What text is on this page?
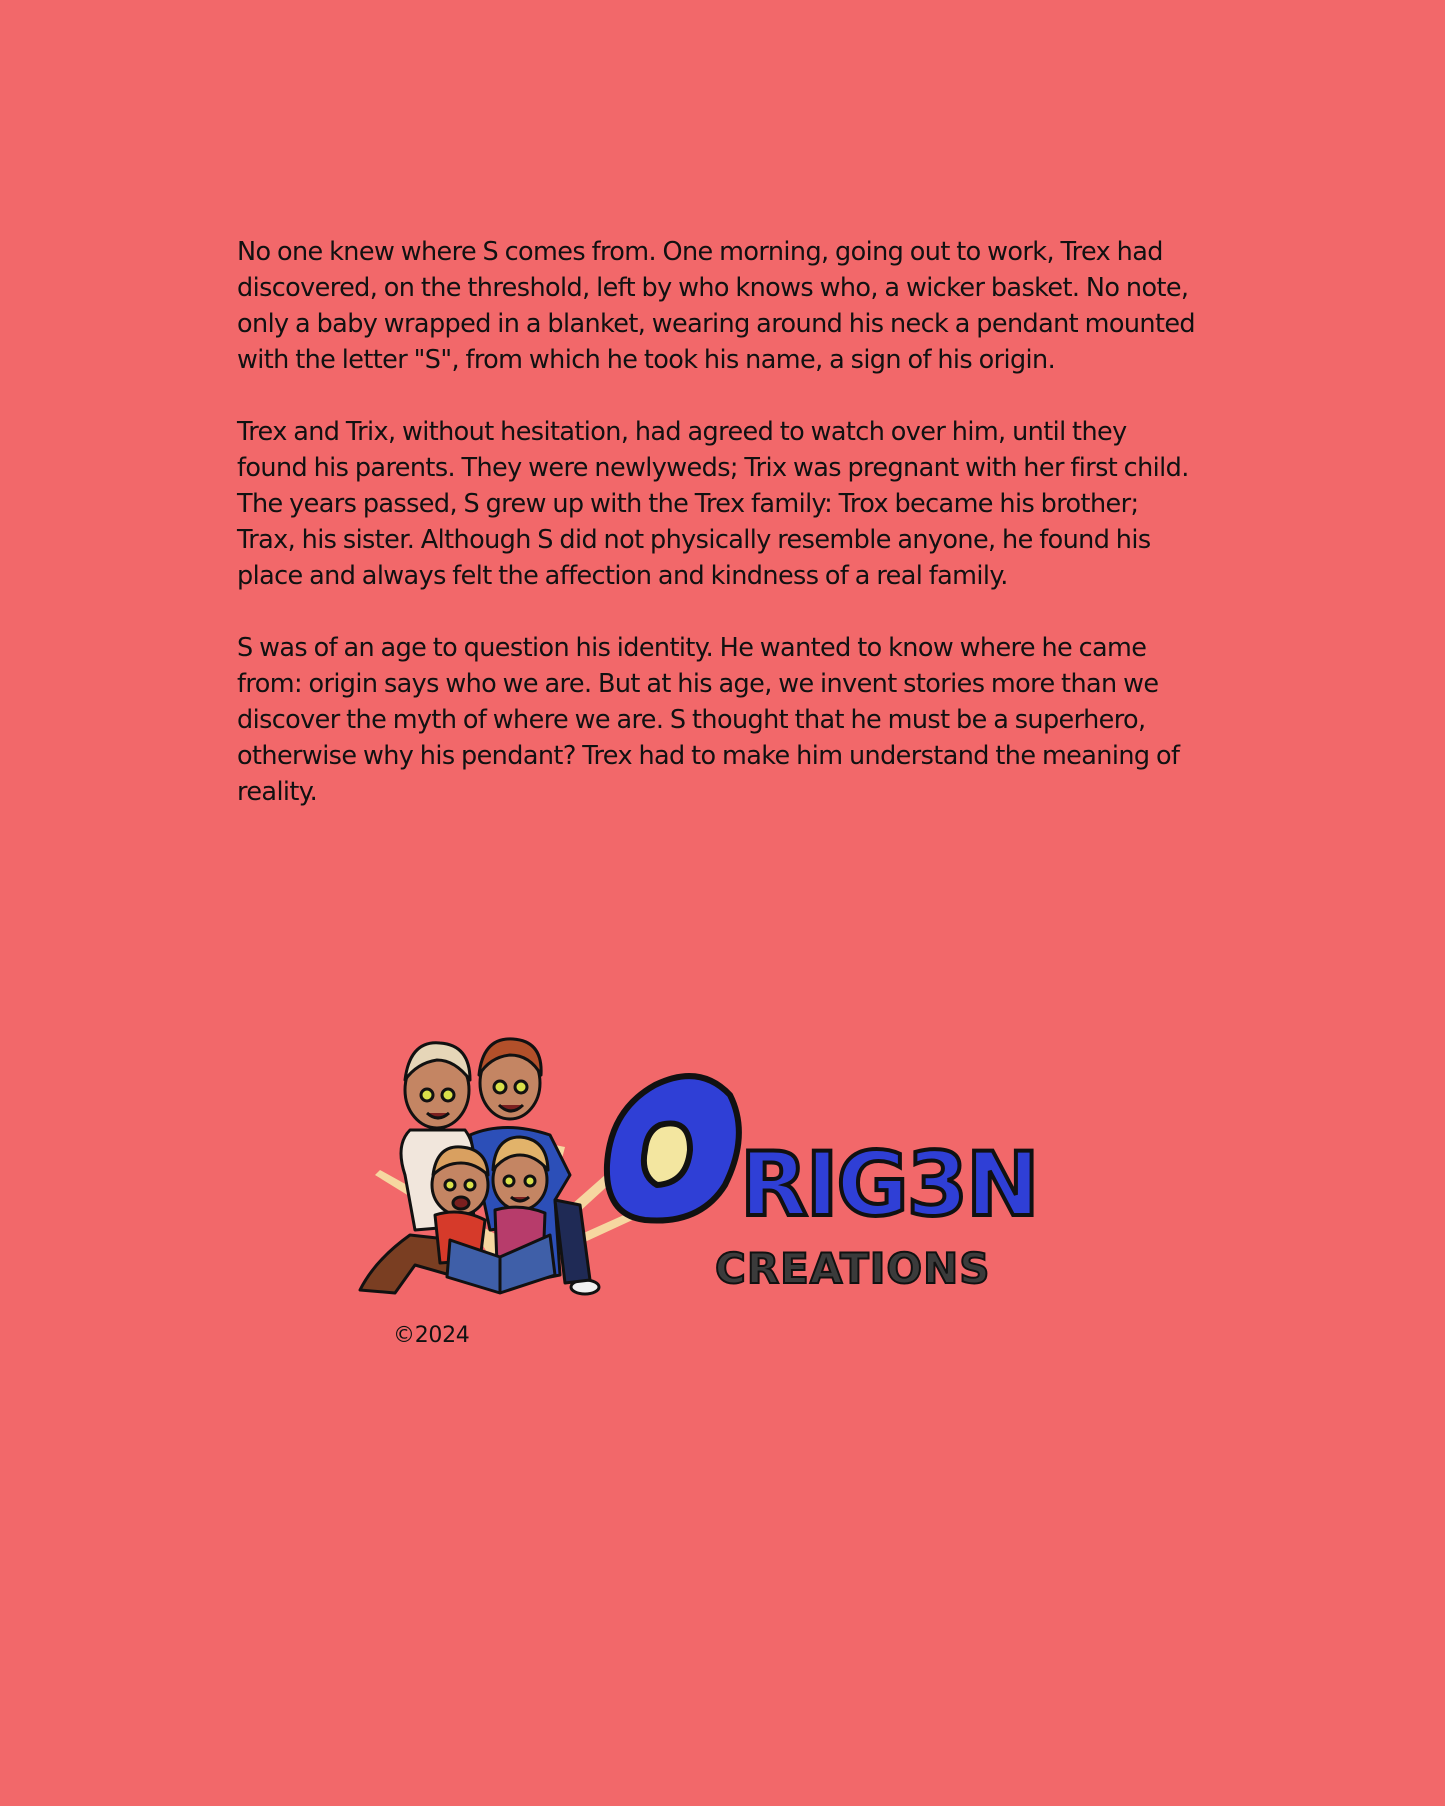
No one knew where S comes from. One morning, going out to work, Trex had discovered, on the threshold, left by who knows who, a wicker basket. No note, only a baby wrapped in a blanket, wearing around his neck a pendant mounted with the letter "S", from which he took his name, a sign of his origin.

Trex and Trix, without hesitation, had agreed to watch over him, until they found his parents. They were newlyweds; Trix was pregnant with her first child. The years passed, S grew up with the Trex family: Trox became his brother; Trax, his sister. Although S did not physically resemble anyone, he found his place and always felt the affection and kindness of a real family.

S was of an age to question his identity. He wanted to know where he came from: origin says who we are. But at his age, we invent stories more than we discover the myth of where we are. S thought that he must be a superhero, otherwise why his pendant? Trex had to make him understand the meaning of reality.

RIG3N
CREATIONS
©2024
